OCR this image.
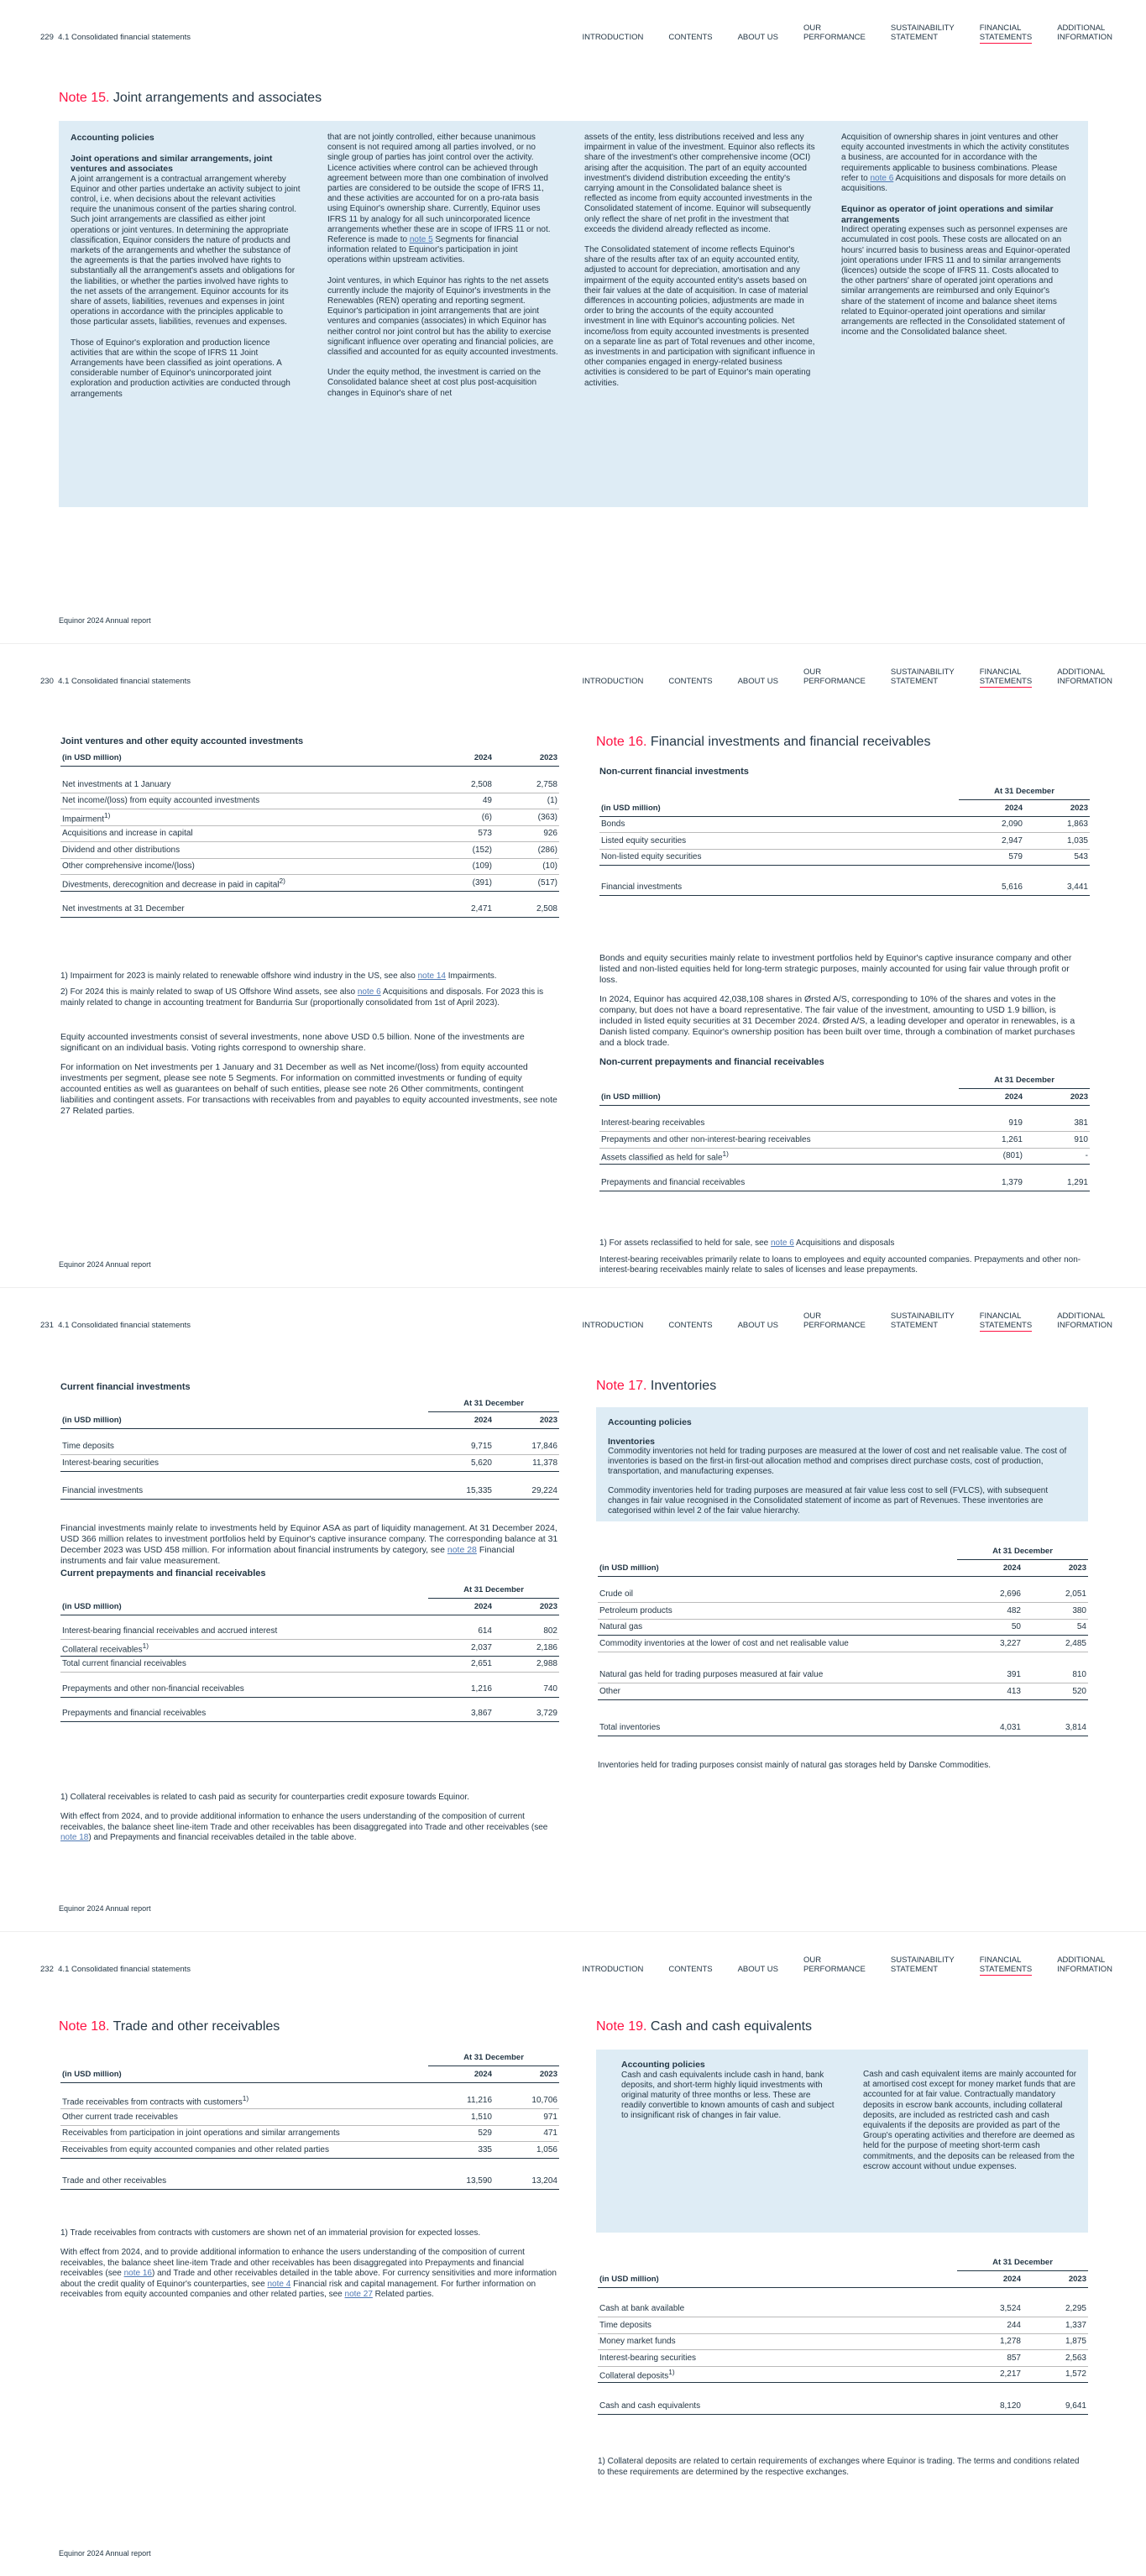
229 4.1 Consolidated financial statements	INTRODUCTION	CONTENTS	ABOUT US
OUR
PERFORMANCE
SUSTAINABILITY
STATEMENT
FINANCIAL
STATEMENTS
ADDITIONAL
INFORMATION
Note 15. Joint arrangements and associates
Accounting policies
Joint operations and similar arrangements, joint ventures and associates

A joint arrangement is a contractual arrangement whereby Equinor and other parties undertake an activity subject to joint control, i.e. when decisions about the relevant activities require the unanimous consent of the parties sharing control. Such joint arrangements are classified as either joint operations or joint ventures. In determining the appropriate classification, Equinor considers the nature of products and markets of the arrangements and whether the substance of the agreements is that the parties involved have rights to substantially all the arrangement's assets and obligations for the liabilities, or whether the parties involved have rights to the net assets of the arrangement. Equinor accounts for its share of assets, liabilities, revenues and expenses in joint operations in accordance with the principles applicable to those particular assets, liabilities, revenues and expenses.

Those of Equinor's exploration and production licence activities that are within the scope of IFRS 11 Joint Arrangements have been classified as joint operations. A considerable number of Equinor's unincorporated joint exploration and production activities are conducted through arrangements

that are not jointly controlled, either because unanimous consent is not required among all parties involved, or no single group of parties has joint control over the activity. Licence activities where control can be achieved through agreement between more than one combination of involved parties are considered to be outside the scope of IFRS 11, and these activities are accounted for on a pro-rata basis using Equinor's ownership share. Currently, Equinor uses IFRS 11 by analogy for all such unincorporated licence arrangements whether these are in scope of IFRS 11 or not. Reference is made to note 5 Segments for financial information related to Equinor's participation in joint operations within upstream activities.

Joint ventures, in which Equinor has rights to the net assets currently include the majority of Equinor's investments in the Renewables (REN) operating and reporting segment. Equinor's participation in joint arrangements that are joint ventures and companies (associates) in which Equinor has neither control nor joint control but has the ability to exercise significant influence over operating and financial policies, are classified and accounted for as equity accounted investments.

Under the equity method, the investment is carried on the Consolidated balance sheet at cost plus post-acquisition changes in Equinor's share of net

assets of the entity, less distributions received and less any impairment in value of the investment. Equinor also reflects its share of the investment's other comprehensive income (OCI) arising after the acquisition. The part of an equity accounted investment's dividend distribution exceeding the entity's carrying amount in the Consolidated balance sheet is reflected as income from equity accounted investments in the Consolidated statement of income. Equinor will subsequently only reflect the share of net profit in the investment that exceeds the dividend already reflected as income.

The Consolidated statement of income reflects Equinor's share of the results after tax of an equity accounted entity, adjusted to account for depreciation, amortisation and any impairment of the equity accounted entity's assets based on their fair values at the date of acquisition. In case of material differences in accounting policies, adjustments are made in order to bring the accounts of the equity accounted investment in line with Equinor's accounting policies. Net income/loss from equity accounted investments is presented on a separate line as part of Total revenues and other income, as investments in and participation with significant influence in other companies engaged in energy-related business activities is considered to be part of Equinor's main operating activities.

Acquisition of ownership shares in joint ventures and other equity accounted investments in which the activity constitutes a business, are accounted for in accordance with the requirements applicable to business combinations. Please refer to note 6 Acquisitions and disposals for more details on acquisitions.

Equinor as operator of joint operations and similar arrangements

Indirect operating expenses such as personnel expenses are accumulated in cost pools. These costs are allocated on an hours' incurred basis to business areas and Equinor-operated joint operations under IFRS 11 and to similar arrangements (licences) outside the scope of IFRS 11. Costs allocated to the other partners' share of operated joint operations and similar arrangements are reimbursed and only Equinor's share of the statement of income and balance sheet items related to Equinor-operated joint operations and similar arrangements are reflected in the Consolidated statement of income and the Consolidated balance sheet.

Equinor 2024 Annual report
230 4.1 Consolidated financial statements	INTRODUCTION	CONTENTS	ABOUT US
OUR
PERFORMANCE
SUSTAINABILITY
STATEMENT
FINANCIAL
STATEMENTS
ADDITIONAL
INFORMATION
Joint ventures and other equity accounted investments
(in USD million)	2024	2023

Net investments at 1 January	2,508	2,758
Net income/(loss) from equity accounted investments	49	(1)
Impairment$^{1)}$	(6)	(363)
Acquisitions and increase in capital	573	926
Dividend and other distributions	(152)	(286)
Other comprehensive income/(loss)	(109)	(10)
Divestments, derecognition and decrease in paid in capital$^{2)}$	(391)	(517)

Net investments at 31 December	2,471	2,508

1) Impairment for 2023 is mainly related to renewable offshore wind industry in the US, see also note 14 Impairments.

2) For 2024 this is mainly related to swap of US Offshore Wind assets, see also note 6 Acquisitions and disposals. For 2023 this is mainly related to change in accounting treatment for Bandurria Sur (proportionally consolidated from 1st of April 2023).

Equity accounted investments consist of several investments, none above USD 0.5 billion. None of the investments are significant on an individual basis. Voting rights correspond to ownership share.

For information on Net investments per 1 January and 31 December as well as Net income/(loss) from equity accounted investments per segment, please see note 5 Segments. For information on committed investments or funding of equity accounted entities as well as guarantees on behalf of such entities, please see note 26 Other commitments, contingent liabilities and contingent assets. For transactions with receivables from and payables to equity accounted investments, see note 27 Related parties.

Note 16. Financial investments and financial receivables
Non-current financial investments
	At 31 December	
(in USD million)	2024	2023
Bonds	2,090	1,863
Listed equity securities	2,947	1,035
Non-listed equity securities	579	543

Financial investments	5,616	3,441

Bonds and equity securities mainly relate to investment portfolios held by Equinor's captive insurance company and other listed and non-listed equities held for long-term strategic purposes, mainly accounted for using fair value through profit or loss.

In 2024, Equinor has acquired 42,038,108 shares in Ørsted A/S, corresponding to 10% of the shares and votes in the company, but does not have a board representative. The fair value of the investment, amounting to USD 1.9 billion, is included in listed equity securities at 31 December 2024. Ørsted A/S, a leading developer and operator in renewables, is a Danish listed company. Equinor's ownership position has been built over time, through a combination of market purchases and a block trade.

Non-current prepayments and financial receivables
	At 31 December	
(in USD million)	2024	2023

Interest-bearing receivables	919	381
Prepayments and other non-interest-bearing receivables	1,261	910
Assets classified as held for sale$^{1)}$	(801)	-

Prepayments and financial receivables	1,379	1,291
1) For assets reclassified to held for sale, see note 6 Acquisitions and disposals
Interest-bearing receivables primarily relate to loans to employees and equity accounted companies. Prepayments and other non-interest-bearing receivables mainly relate to sales of licenses and lease prepayments.
Equinor 2024 Annual report
231 4.1 Consolidated financial statements	INTRODUCTION	CONTENTS	ABOUT US
OUR
PERFORMANCE
SUSTAINABILITY
STATEMENT
FINANCIAL
STATEMENTS
ADDITIONAL
INFORMATION
Current financial investments
	At 31 December	
(in USD million)	2024	2023

Time deposits	9,715	17,846
Interest-bearing securities	5,620	11,378

Financial investments	15,335	29,224
Financial investments mainly relate to investments held by Equinor ASA as part of liquidity management. At 31 December 2024, USD 366 million relates to investment portfolios held by Equinor's captive insurance company. The corresponding balance at 31 December 2023 was USD 458 million. For information about financial instruments by category, see note 28 Financial instruments and fair value measurement.
Current prepayments and financial receivables
	At 31 December	
(in USD million)	2024	2023

Interest-bearing financial receivables and accrued interest	614	802
Collateral receivables$^{1)}$	2,037	2,186
Total current financial receivables	2,651	2,988

Prepayments and other non-financial receivables	1,216	740

Prepayments and financial receivables	3,867	3,729
1) Collateral receivables is related to cash paid as security for counterparties credit exposure towards Equinor.
With effect from 2024, and to provide additional information to enhance the users understanding of the composition of current receivables, the balance sheet line-item Trade and other receivables has been disaggregated into Trade and other receivables (see note 18) and Prepayments and financial receivables detailed in the table above.
Note 17. Inventories
Accounting policies
Inventories

Commodity inventories not held for trading purposes are measured at the lower of cost and net realisable value. The cost of inventories is based on the first-in first-out allocation method and comprises direct purchase costs, cost of production, transportation, and manufacturing expenses.

Commodity inventories held for trading purposes are measured at fair value less cost to sell (FVLCS), with subsequent changes in fair value recognised in the Consolidated statement of income as part of Revenues. These inventories are categorised within level 2 of the fair value hierarchy.

	At 31 December	
(in USD million)	2024	2023

Crude oil	2,696	2,051
Petroleum products	482	380
Natural gas	50	54
Commodity inventories at the lower of cost and net realisable value	3,227	2,485

Natural gas held for trading purposes measured at fair value	391	810
Other	413	520

Total inventories	4,031	3,814
Inventories held for trading purposes consist mainly of natural gas storages held by Danske Commodities.
Equinor 2024 Annual report
232 4.1 Consolidated financial statements	INTRODUCTION	CONTENTS	ABOUT US
OUR
PERFORMANCE
SUSTAINABILITY
STATEMENT
FINANCIAL
STATEMENTS
ADDITIONAL
INFORMATION
Note 18. Trade and other receivables
	At 31 December	
(in USD million)	2024	2023

Trade receivables from contracts with customers$^{1)}$	11,216	10,706
Other current trade receivables	1,510	971
Receivables from participation in joint operations and similar arrangements	529	471
Receivables from equity accounted companies and other related parties	335	1,056

Trade and other receivables	13,590	13,204
1) Trade receivables from contracts with customers are shown net of an immaterial provision for expected losses.
With effect from 2024, and to provide additional information to enhance the users understanding of the composition of current receivables, the balance sheet line-item Trade and other receivables has been disaggregated into Prepayments and financial receivables (see note 16) and Trade and other receivables detailed in the table above. For currency sensitivities and more information about the credit quality of Equinor's counterparties, see note 4 Financial risk and capital management. For further information on receivables from equity accounted companies and other related parties, see note 27 Related parties.
Note 19. Cash and cash equivalents
Accounting policies

Cash and cash equivalents include cash in hand, bank deposits, and short-term highly liquid investments with original maturity of three months or less. These are readily convertible to known amounts of cash and subject to insignificant risk of changes in fair value.

Cash and cash equivalent items are mainly accounted for at amortised cost except for money market funds that are accounted for at fair value. Contractually mandatory deposits in escrow bank accounts, including collateral deposits, are included as restricted cash and cash equivalents if the deposits are provided as part of the Group's operating activities and therefore are deemed as held for the purpose of meeting short-term cash commitments, and the deposits can be released from the escrow account without undue expenses.

	At 31 December	
(in USD million)	2024	2023

Cash at bank available	3,524	2,295
Time deposits	244	1,337
Money market funds	1,278	1,875
Interest-bearing securities	857	2,563
Collateral deposits$^{1)}$	2,217	1,572

Cash and cash equivalents	8,120	9,641
1) Collateral deposits are related to certain requirements of exchanges where Equinor is trading. The terms and conditions related to these requirements are determined by the respective exchanges.
Equinor 2024 Annual report
